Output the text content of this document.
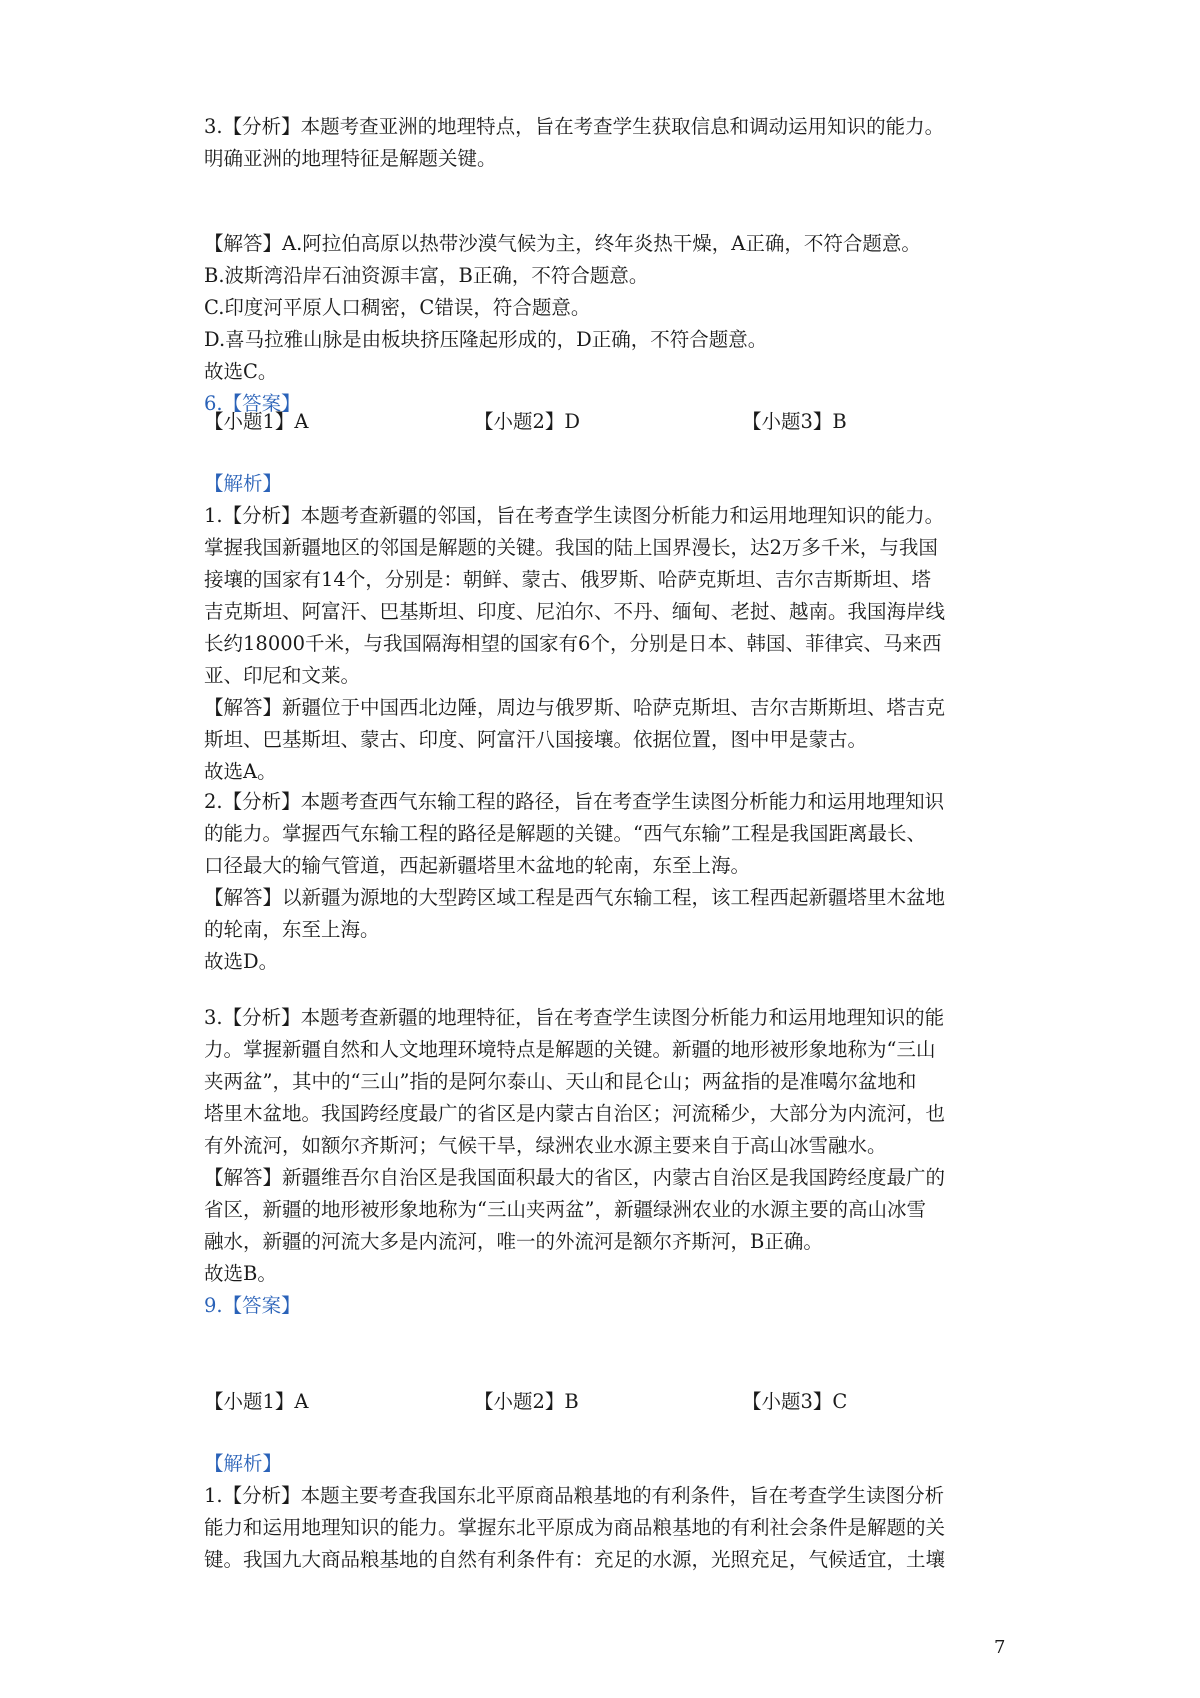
3.【分析】本题考查亚洲的地理特点，旨在考查学生获取信息和调动运用知识的能力。

明确亚洲的地理特征是解题关键。

【解答】A.阿拉伯高原以热带沙漠气候为主，终年炎热干燥，A正确，不符合题意。

B.波斯湾沿岸石油资源丰富，B正确，不符合题意。

C.印度河平原人口稠密，C错误，符合题意。

D.喜马拉雅山脉是由板块挤压隆起形成的，D正确，不符合题意。

故选C。

6.【答案】

【小题1】A	【小题2】D	【小题3】B

【解析】

1.【分析】本题考查新疆的邻国，旨在考查学生读图分析能力和运用地理知识的能力。

掌握我国新疆地区的邻国是解题的关键。我国的陆上国界漫长，达2万多千米，与我国

接壤的国家有14个，分别是：朝鲜、蒙古、俄罗斯、哈萨克斯坦、吉尔吉斯斯坦、塔

吉克斯坦、阿富汗、巴基斯坦、印度、尼泊尔、不丹、缅甸、老挝、越南。我国海岸线

长约18000千米，与我国隔海相望的国家有6个，分别是日本、韩国、菲律宾、马来西

亚、印尼和文莱。

【解答】新疆位于中国西北边陲，周边与俄罗斯、哈萨克斯坦、吉尔吉斯斯坦、塔吉克

斯坦、巴基斯坦、蒙古、印度、阿富汗八国接壤。依据位置，图中甲是蒙古。

故选A。

2.【分析】本题考查西气东输工程的路径，旨在考查学生读图分析能力和运用地理知识

的能力。掌握西气东输工程的路径是解题的关键。“西气东输”工程是我国距离最长、

口径最大的输气管道，西起新疆塔里木盆地的轮南，东至上海。

【解答】以新疆为源地的大型跨区域工程是西气东输工程，该工程西起新疆塔里木盆地

的轮南，东至上海。

故选D。

3.【分析】本题考查新疆的地理特征，旨在考查学生读图分析能力和运用地理知识的能

力。掌握新疆自然和人文地理环境特点是解题的关键。新疆的地形被形象地称为“三山

夹两盆”，其中的“三山”指的是阿尔泰山、天山和昆仑山；两盆指的是准噶尔盆地和

塔里木盆地。我国跨经度最广的省区是内蒙古自治区；河流稀少，大部分为内流河，也

有外流河，如额尔齐斯河；气候干旱，绿洲农业水源主要来自于高山冰雪融水。

【解答】新疆维吾尔自治区是我国面积最大的省区，内蒙古自治区是我国跨经度最广的

省区，新疆的地形被形象地称为“三山夹两盆”，新疆绿洲农业的水源主要的高山冰雪

融水，新疆的河流大多是内流河，唯一的外流河是额尔齐斯河，B正确。

故选B。

9.【答案】

【小题1】A	【小题2】B	【小题3】C

【解析】

1.【分析】本题主要考查我国东北平原商品粮基地的有利条件，旨在考查学生读图分析

能力和运用地理知识的能力。掌握东北平原成为商品粮基地的有利社会条件是解题的关

键。我国九大商品粮基地的自然有利条件有：充足的水源，光照充足，气候适宜，土壤

7
